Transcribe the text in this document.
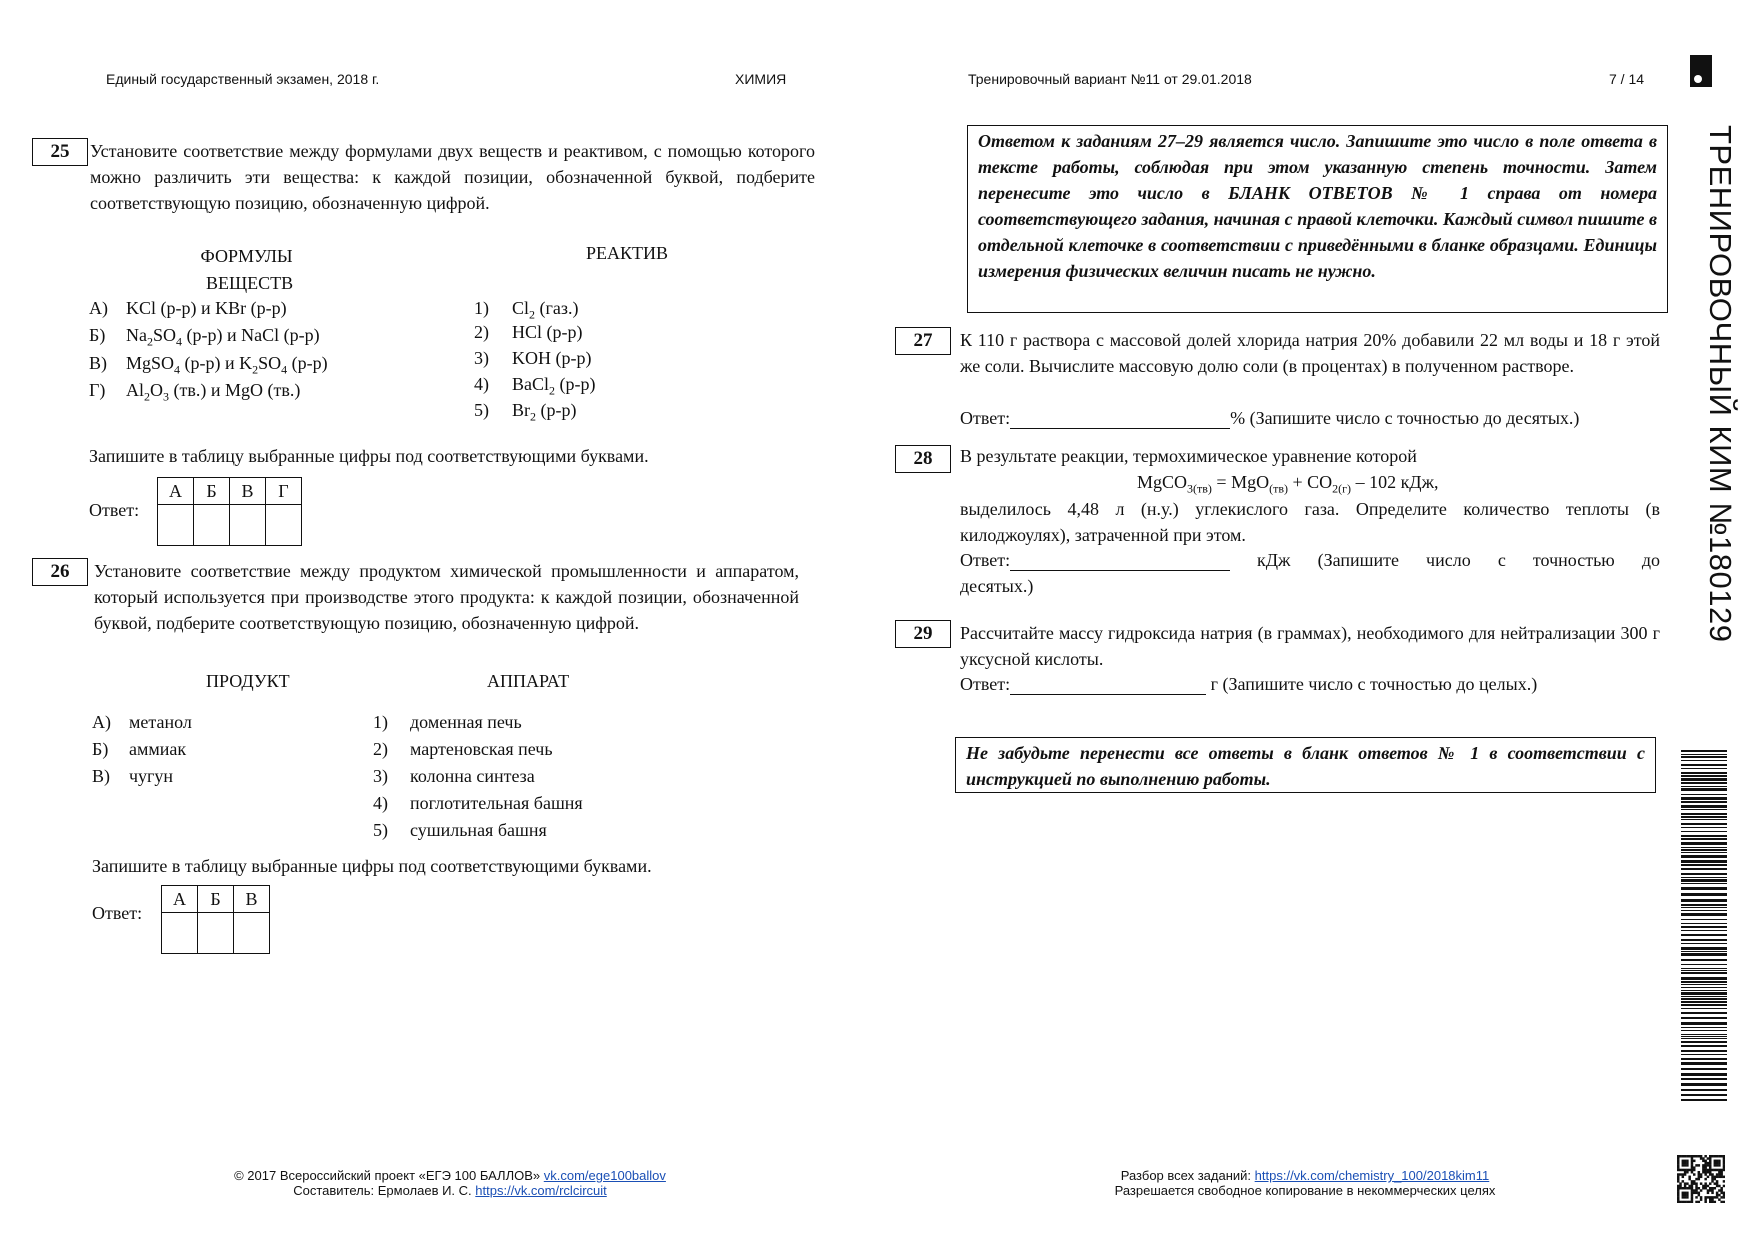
Единый государственный экзамен, 2018 г.	ХИМИЯ	Тренировочный вариант №11 от 29.01.2018	7 / 14
ТРЕНИРОВОЧНЫЙ КИМ №180129
25	Установите соответствие между формулами двух веществ и реактивом, с помощью которого можно различить эти вещества: к каждой позиции, обозначенной буквой, подберите соответствующую позицию, обозначенную цифрой.
ФОРМУЛЫ
ВЕЩЕСТВ
РЕАКТИВ
А) KCl (р-р) и KBr (р-р)
Б) $Na_2SO_4$ (р-р) и NaCl (р-р)
В) MgSO$_4$ (р-р) и $K_2SO_4$ (р-р)
Г) $Al_2O_3$ (тв.) и MgO (тв.)
1) $Cl_2$ (газ.)
2) HCl (р-р)
3) KOH (р-р)
4) BaCl$_2$ (р-р)
5) $Br_2$ (р-р)
Запишите в таблицу выбранные цифры под соответствующими буквами.
Ответ:
А	Б	В	Г

26	Установите соответствие между продуктом химической промышленности и аппаратом, который используется при производстве этого продукта: к каждой позиции, обозначенной буквой, подберите соответствующую позицию, обозначенную цифрой.
ПРОДУКТ	АППАРАТ
А) метанол
Б) аммиак
В) чугун
1) доменная печь
2) мартеновская печь
3) колонна синтеза
4) поглотительная башня
5) сушильная башня
Запишите в таблицу выбранные цифры под соответствующими буквами.
Ответ:
А	Б	В

Ответом к заданиям 27–29 является число. Запишите это число в поле ответа в тексте работы, соблюдая при этом указанную степень точности. Затем перенесите это число в БЛАНК ОТВЕТОВ № 1 справа от номера соответствующего задания, начиная с правой клеточки. Каждый символ пишите в отдельной клеточке в соответствии с приведёнными в бланке образцами. Единицы измерения физических величин писать не нужно.
27	К 110 г раствора с массовой долей хлорида натрия 20% добавили 22 мл воды и 18 г этой же соли. Вычислите массовую долю соли (в процентах) в полученном растворе.
Ответ:	% (Запишите число с точностью до десятых.)
28	В результате реакции, термохимическое уравнение которой
MgCO$_{3(тв)}$ = $MgO_{(тв)} + CO_{2(г)} - 102$ кДж,
выделилось 4,48 л (н.у.) углекислого газа. Определите количество теплоты (в килоджоулях), затраченной при этом.
Ответ:	кДж (Запишите число с точностью до
десятых.)
29	Рассчитайте массу гидроксида натрия (в граммах), необходимого для нейтрализации 300 г уксусной кислоты.
Ответ:	г (Запишите число с точностью до целых.)
Не забудьте перенести все ответы в бланк ответов № 1 в соответствии с инструкцией по выполнению работы.
© 2017 Всероссийский проект «ЕГЭ 100 БАЛЛОВ» vk.com/ege100ballov
Составитель: Ермолаев И. С. https://vk.com/rclcircuit
Разбор всех заданий: https://vk.com/chemistry_100/2018kim11
Разрешается свободное копирование в некоммерческих целях
